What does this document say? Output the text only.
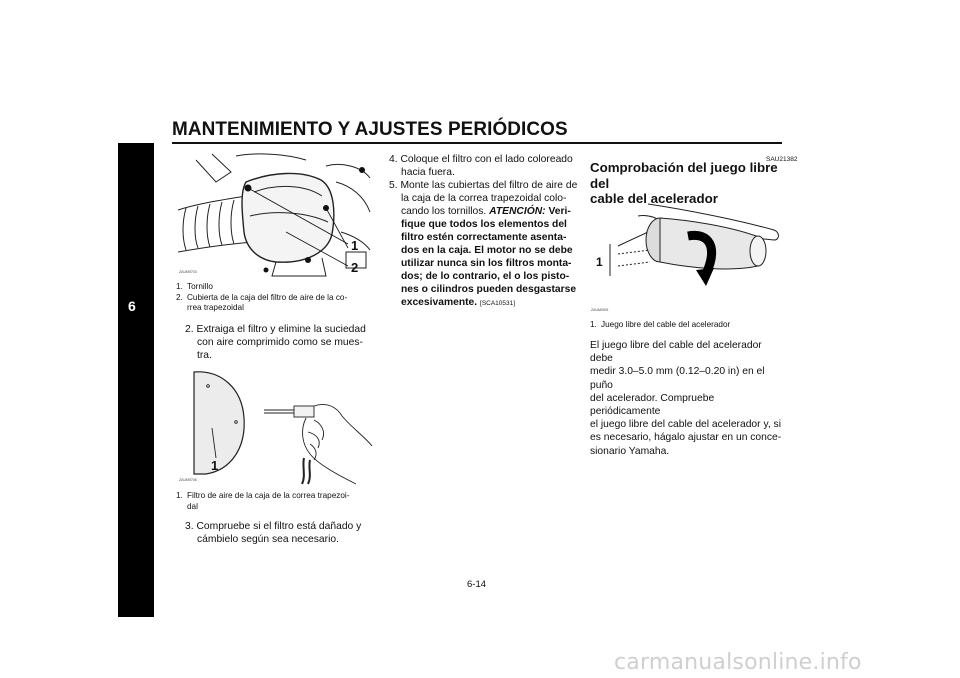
MANTENIMIENTO Y AJUSTES PERIÓDICOS
6
ZAUM0703
1
2
1. Tornillo
2. Cubierta de la caja del filtro de aire de la co-
rrea trapezoidal
2. Extraiga el filtro y elimine la suciedad
con aire comprimido como se mues-
tra.
ZAUM0706
1
1. Filtro de aire de la caja de la correa trapezoi-
dal
3. Compruebe si el filtro está dañado y
cámbielo según sea necesario.
4. Coloque el filtro con el lado coloreado
hacia fuera.
5. Monte las cubiertas del filtro de aire de
la caja de la correa trapezoidal colo-
cando los tornillos. ATENCIÓN: Veri-
fique que todos los elementos del
filtro estén correctamente asenta-
dos en la caja. El motor no se debe
utilizar nunca sin los filtros monta-
dos; de lo contrario, el o los pisto-
nes o cilindros pueden desgastarse
excesivamente. [SCA10531]
SAU21382
Comprobación del juego libre del
cable del acelerador
ZAUM0001
1
1. Juego libre del cable del acelerador
El juego libre del cable del acelerador debe
medir 3.0–5.0 mm (0.12–0.20 in) en el puño
del acelerador. Compruebe periódicamente
el juego libre del cable del acelerador y, si
es necesario, hágalo ajustar en un conce-
sionario Yamaha.
6-14
carmanualsonline.info
